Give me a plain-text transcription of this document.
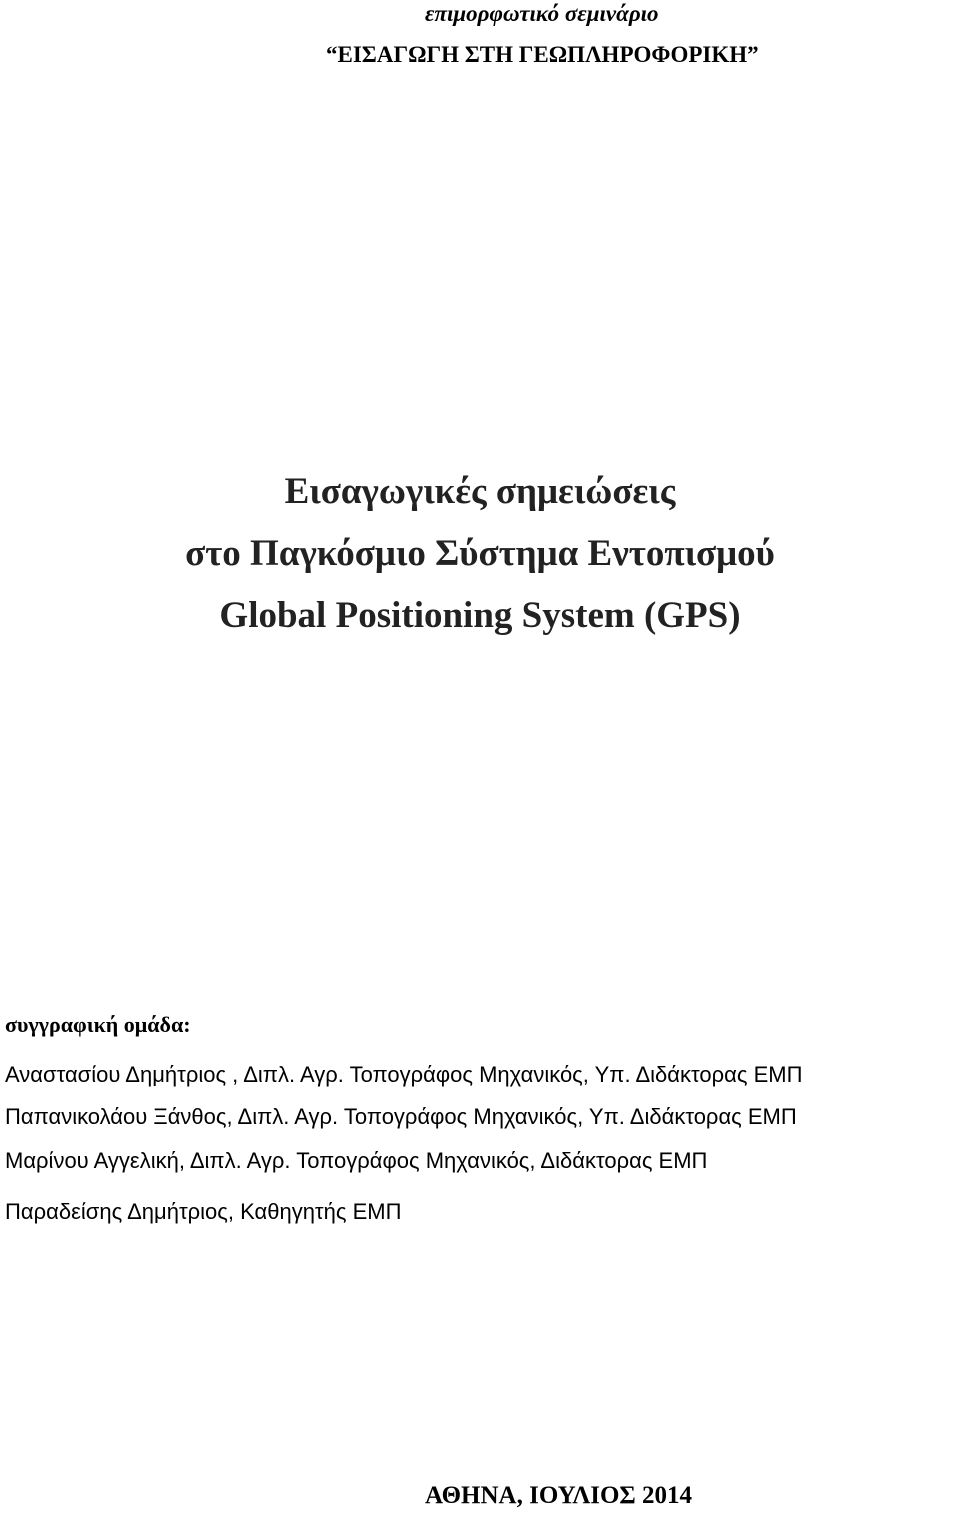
επιμορφωτικό σεμινάριο
“ΕΙΣΑΓΩΓΗ ΣΤΗ ΓΕΩΠΛΗΡΟΦΟΡΙΚΗ”
Εισαγωγικές σημειώσεις
στο Παγκόσμιο Σύστημα Εντοπισμού
Global Positioning System (GPS)
συγγραφική ομάδα:
Αναστασίου Δημήτριος , Διπλ. Αγρ. Τοπογράφος Μηχανικός, Υπ. Διδάκτορας ΕΜΠ
Παπανικολάου Ξάνθος, Διπλ. Αγρ. Τοπογράφος Μηχανικός, Υπ. Διδάκτορας ΕΜΠ
Μαρίνου Αγγελική, Διπλ. Αγρ. Τοπογράφος Μηχανικός, Διδάκτορας ΕΜΠ
Παραδείσης Δημήτριος, Καθηγητής ΕΜΠ
ΑΘΗΝΑ, ΙΟΥΛΙΟΣ 2014
